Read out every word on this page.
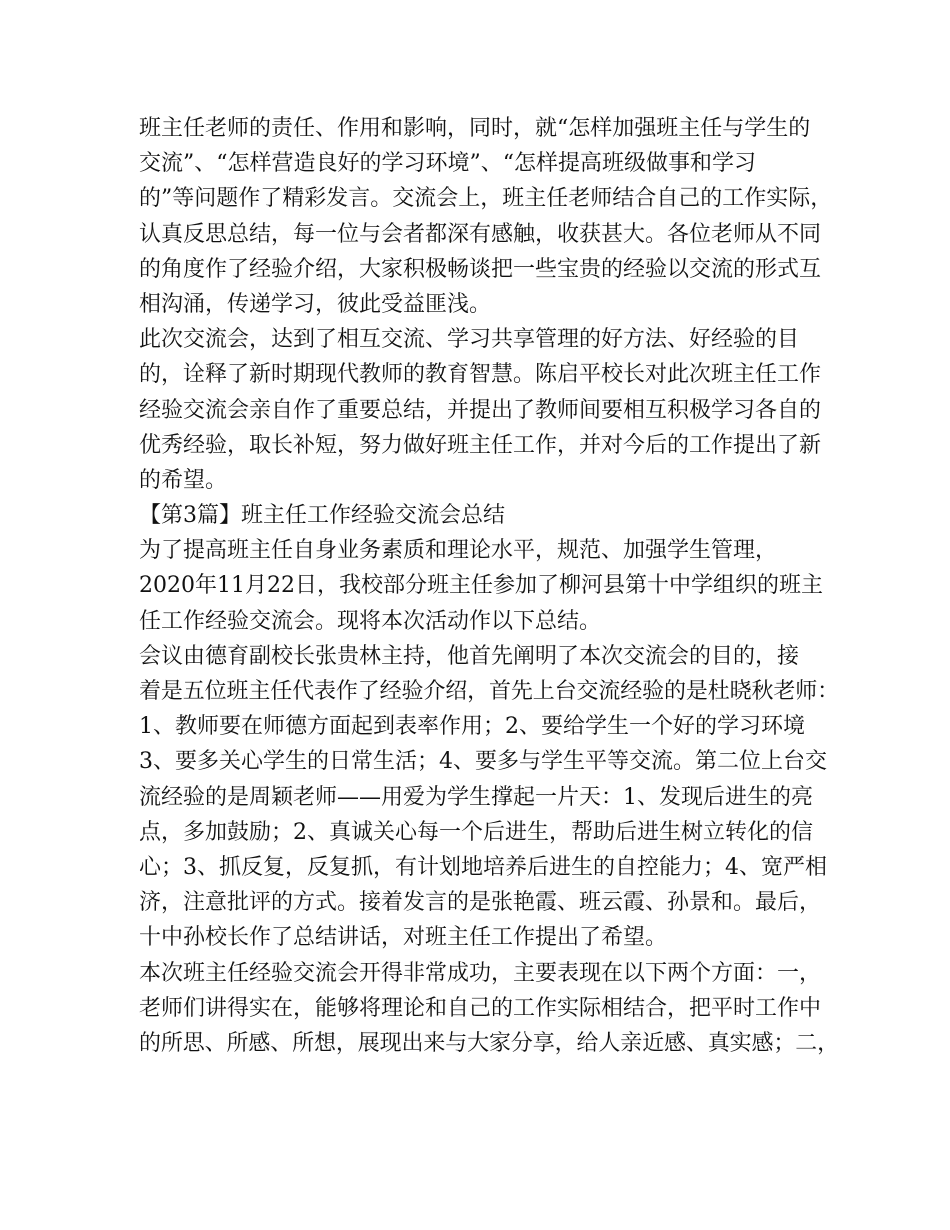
班主任老师的责任、作用和影响，同时，就“怎样加强班主任与学生的
交流”、“怎样营造良好的学习环境”、“怎样提高班级做事和学习
的”等问题作了精彩发言。交流会上，班主任老师结合自己的工作实际，
认真反思总结，每一位与会者都深有感触，收获甚大。各位老师从不同
的角度作了经验介绍，大家积极畅谈把一些宝贵的经验以交流的形式互
相沟涌，传递学习，彼此受益匪浅。
此次交流会，达到了相互交流、学习共享管理的好方法、好经验的目
的，诠释了新时期现代教师的教育智慧。陈启平校长对此次班主任工作
经验交流会亲自作了重要总结，并提出了教师间要相互积极学习各自的
优秀经验，取长补短，努力做好班主任工作，并对今后的工作提出了新
的希望。
【第3篇】班主任工作经验交流会总结
为了提高班主任自身业务素质和理论水平，规范、加强学生管理，
2020年11月22日，我校部分班主任参加了柳河县第十中学组织的班主
任工作经验交流会。现将本次活动作以下总结。
会议由德育副校长张贵林主持，他首先阐明了本次交流会的目的，接
着是五位班主任代表作了经验介绍，首先上台交流经验的是杜晓秋老师：
1、教师要在师德方面起到表率作用；2、要给学生一个好的学习环境
3、要多关心学生的日常生活；4、要多与学生平等交流。第二位上台交
流经验的是周颖老师——用爱为学生撑起一片天：1、发现后进生的亮
点，多加鼓励；2、真诚关心每一个后进生，帮助后进生树立转化的信
心；3、抓反复，反复抓，有计划地培养后进生的自控能力；4、宽严相
济，注意批评的方式。接着发言的是张艳霞、班云霞、孙景和。最后，
十中孙校长作了总结讲话，对班主任工作提出了希望。
本次班主任经验交流会开得非常成功，主要表现在以下两个方面：一，
老师们讲得实在，能够将理论和自己的工作实际相结合，把平时工作中
的所思、所感、所想，展现出来与大家分享，给人亲近感、真实感；二，
